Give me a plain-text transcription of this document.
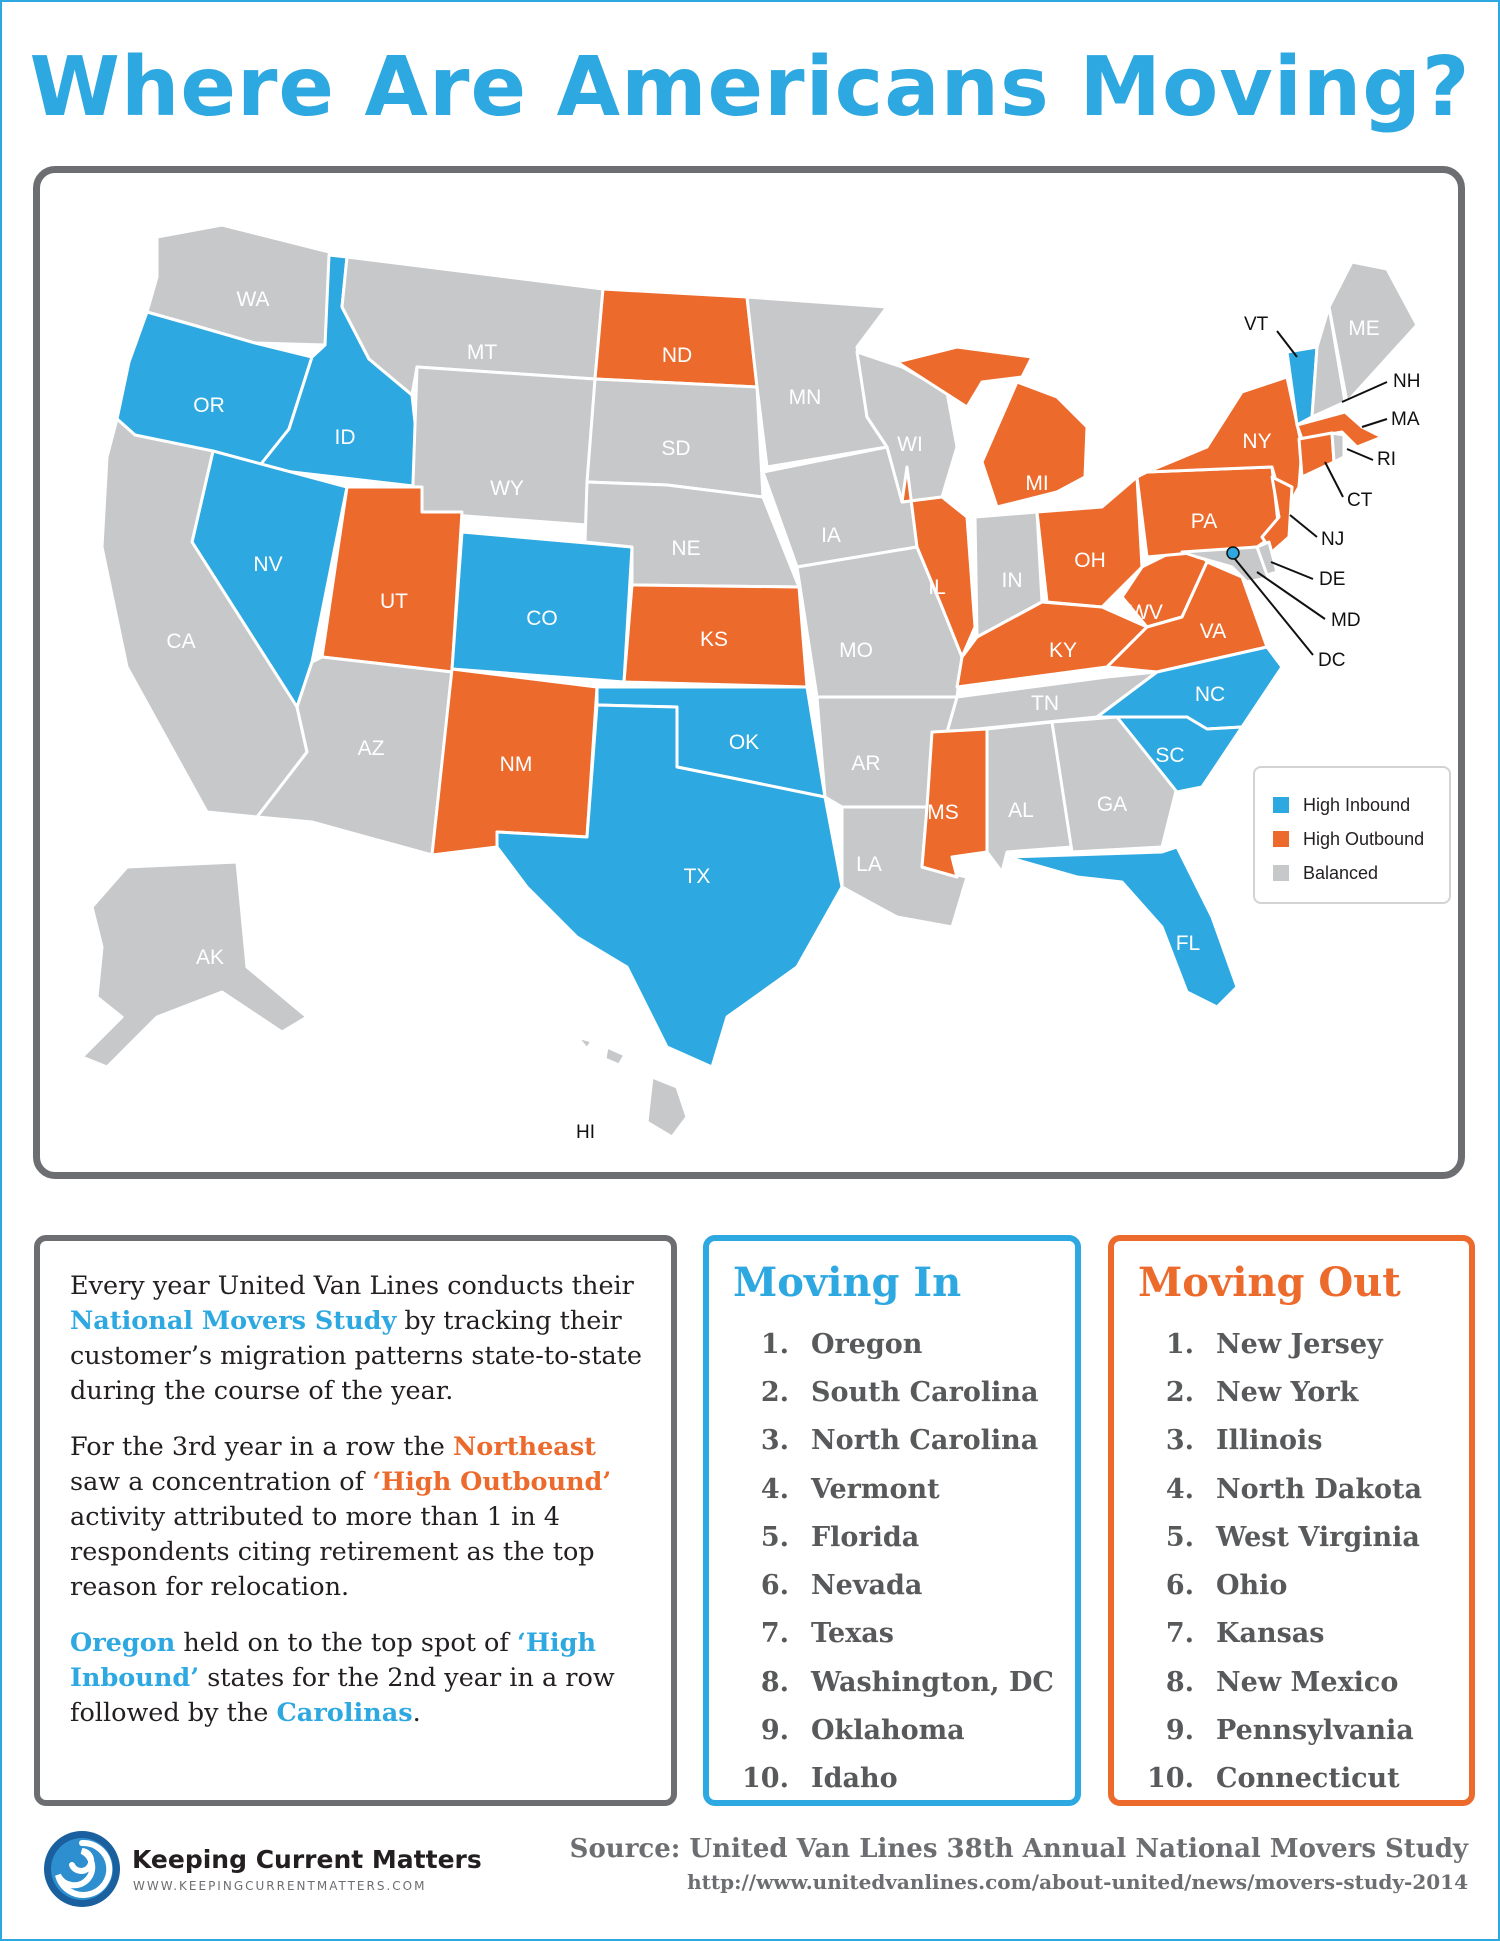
Where Are Americans Moving?
WA
OR
ID
MT	ND
MN
WI
MI
NY
ME
SD
WY
IA
NE
PA
OH
IN
IL
NV
UT
CO
CA	KS	MO
WV
VA
KY
TN	NC
SC
OK
AZ
NM	AR
MS AL	GA
LA
TX
FL
AK
VT
NH
MA
RI
CT
NJ
DE
MD
DC
HI
High Inbound
High Outbound
Balanced

Every year United Van Lines conducts their National Movers Study by tracking their customer’s migration patterns state-to-state during the course of the year.

For the 3rd year in a row the Northeast saw a concentration of ‘High Outbound’ activity attributed to more than 1 in 4 respondents citing retirement as the top reason for relocation.

Oregon held on to the top spot of ‘High Inbound’ states for the 2nd year in a row followed by the Carolinas.

Moving In
1. Oregon
2. South Carolina
3. North Carolina
4. Vermont
5. Florida
6. Nevada
7. Texas
8. Washington, DC
9. Oklahoma
10. Idaho
Moving Out
1. New Jersey
2. New York
3. Illinois
4. North Dakota
5. West Virginia
6. Ohio
7. Kansas
8. New Mexico
9. Pennsylvania
10. Connecticut
Keeping Current Matters
WWW.KEEPINGCURRENTMATTERS.COM
Source: United Van Lines 38th Annual National Movers Study
http://www.unitedvanlines.com/about-united/news/movers-study-2014
